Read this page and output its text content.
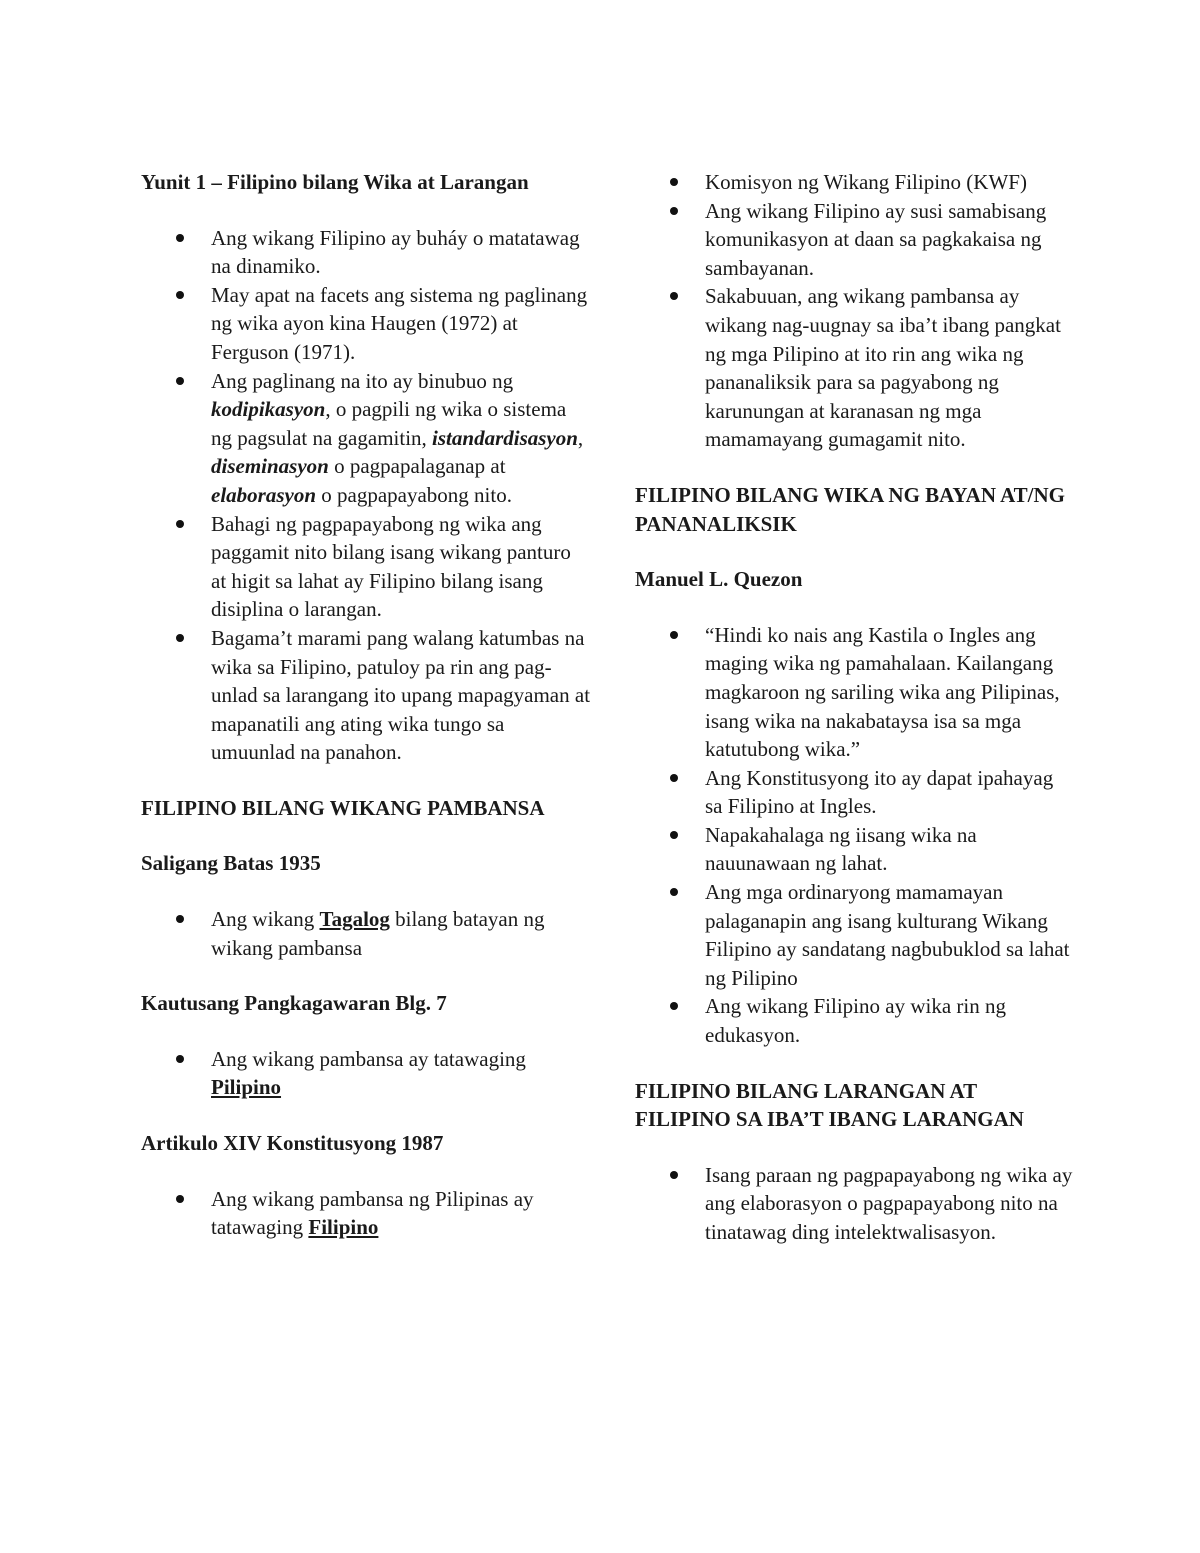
Yunit 1 – Filipino bilang Wika at Larangan

Ang wikang Filipino ay buháy o matatawag na dinamiko.
May apat na facets ang sistema ng paglinang ng wika ayon kina Haugen (1972) at Ferguson (1971).
Ang paglinang na ito ay binubuo ng kodipikasyon, o pagpili ng wika o sistema ng pagsulat na gagamitin, istandardisasyon, diseminasyon o pagpapalaganap at elaborasyon o pagpapayabong nito.
Bahagi ng pagpapayabong ng wika ang paggamit nito bilang isang wikang panturo at higit sa lahat ay Filipino bilang isang disiplina o larangan.
Bagama’t marami pang walang katumbas na wika sa Filipino, patuloy pa rin ang pag-unlad sa larangang ito upang mapagyaman at mapanatili ang ating wika tungo sa umuunlad na panahon.

FILIPINO BILANG WIKANG PAMBANSA

Saligang Batas 1935

Ang wikang Tagalog bilang batayan ng wikang pambansa

Kautusang Pangkagawaran Blg. 7

Ang wikang pambansa ay tatawaging Pilipino

Artikulo XIV Konstitusyong 1987

Ang wikang pambansa ng Pilipinas ay tatawaging Filipino
Komisyon ng Wikang Filipino (KWF)
Ang wikang Filipino ay susi samabisang komunikasyon at daan sa pagkakaisa ng sambayanan.
Sakabuuan, ang wikang pambansa ay wikang nag-uugnay sa iba’t ibang pangkat ng mga Pilipino at ito rin ang wika ng pananaliksik para sa pagyabong ng karunungan at karanasan ng mga mamamayang gumagamit nito.

FILIPINO BILANG WIKA NG BAYAN AT/NG PANANALIKSIK

Manuel L. Quezon

“Hindi ko nais ang Kastila o Ingles ang maging wika ng pamahalaan. Kailangang magkaroon ng sariling wika ang Pilipinas, isang wika na nakabataysa isa sa mga katutubong wika.”
Ang Konstitusyong ito ay dapat ipahayag sa Filipino at Ingles.
Napakahalaga ng iisang wika na nauunawaan ng lahat.
Ang mga ordinaryong mamamayan palaganapin ang isang kulturang Wikang Filipino ay sandatang nagbubuklod sa lahat ng Pilipino
Ang wikang Filipino ay wika rin ng edukasyon.

FILIPINO BILANG LARANGAN AT FILIPINO SA IBA’T IBANG LARANGAN

Isang paraan ng pagpapayabong ng wika ay ang elaborasyon o pagpapayabong nito na tinatawag ding intelektwalisasyon.
